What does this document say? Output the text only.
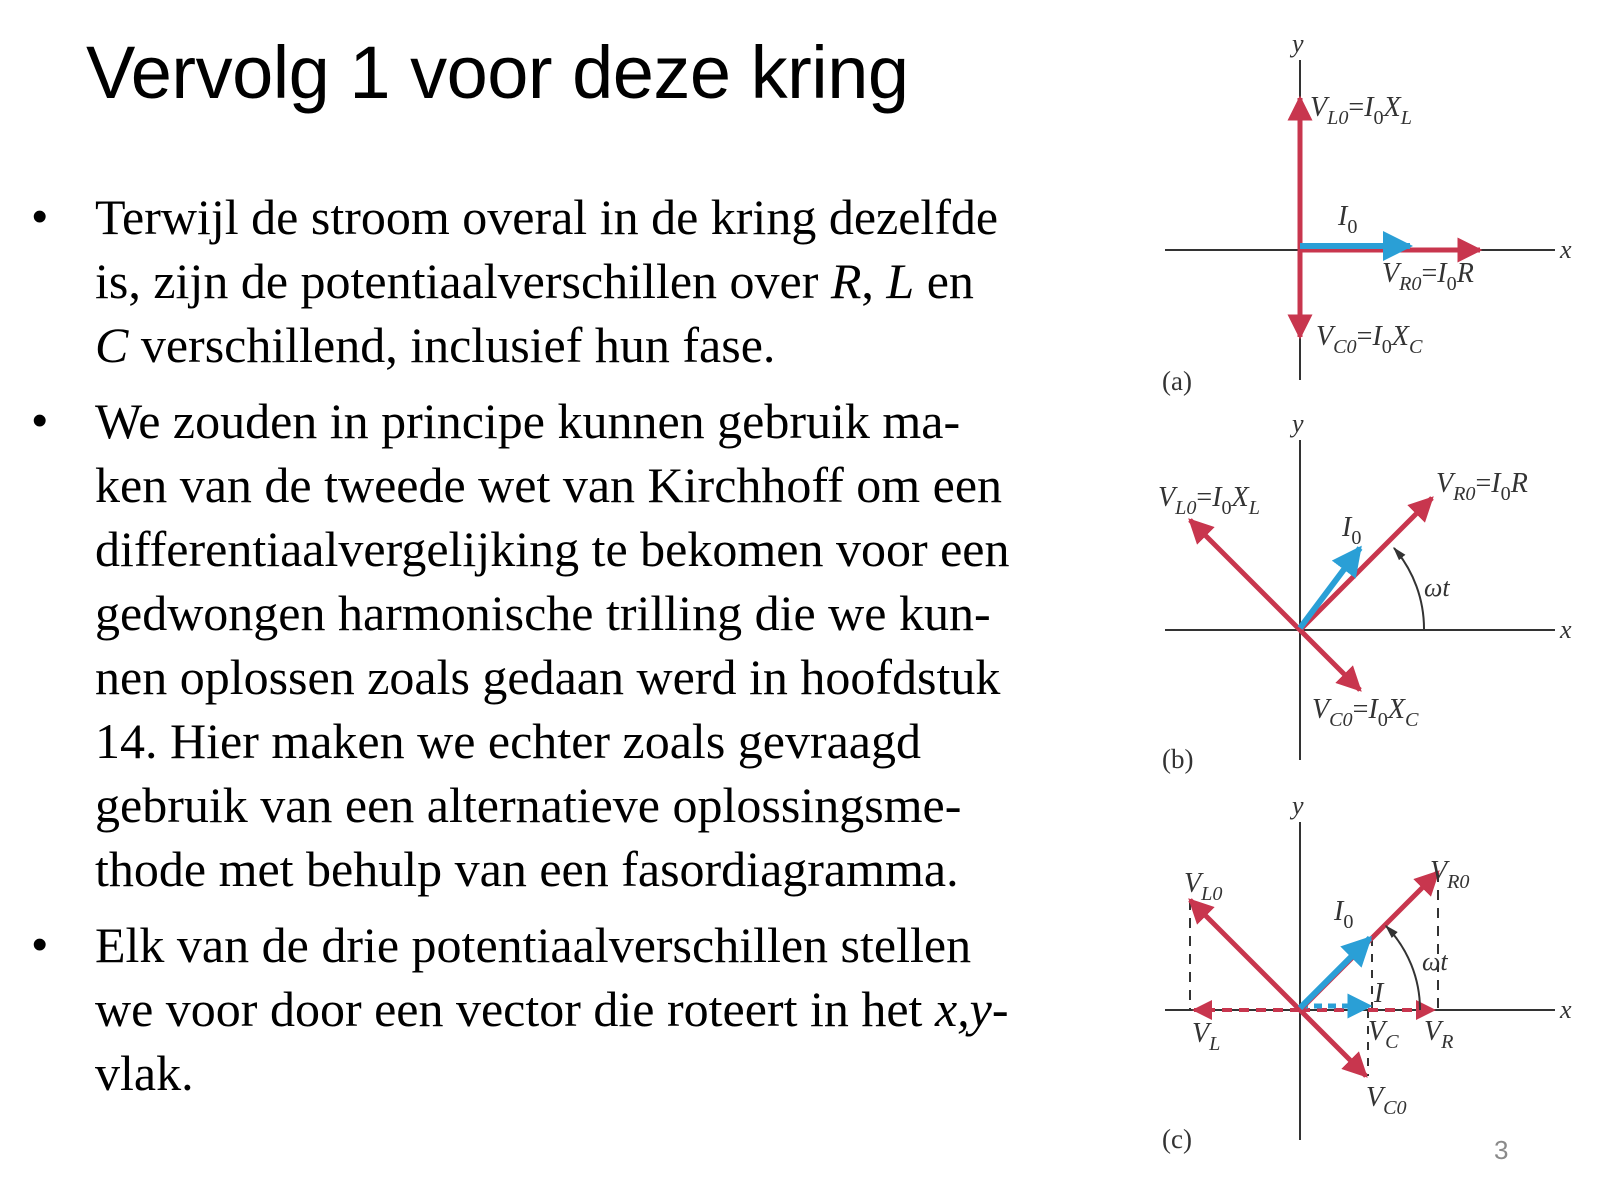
Vervolg 1 voor deze kring
• Terwijl de stroom overal in de kring dezelfde
is, zijn de potentiaalverschillen over R, L en
C verschillend, inclusief hun fase.
• We zouden in principe kunnen gebruik ma-
ken van de tweede wet van Kirchhoff om een
differentiaalvergelijking te bekomen voor een
gedwongen harmonische trilling die we kun-
nen oplossen zoals gedaan werd in hoofdstuk
14. Hier maken we echter zoals gevraagd
gebruik van een alternatieve oplossingsme-
thode met behulp van een fasordiagramma.
• Elk van de drie potentiaalverschillen stellen
we voor door een vector die roteert in het x,y-
vlak.
y
x
$V_{L0}=I_0X_L$
$I_0$
$V_{R0}=I_0R$
$V_{C0}=I_0X_C$
(a)
ωt
y
x
$V_{L0}=I_0X_L$
$I_0$
$V_{R0}=I_0R$
$V_{C0}=I_0X_C$
(b)
ωt
y
x
$V_{L0}$
$I_0$
$V_{R0}$
I
$V_L$	$V_C$ $V_R$
$V_{C0}$
(c)	3
